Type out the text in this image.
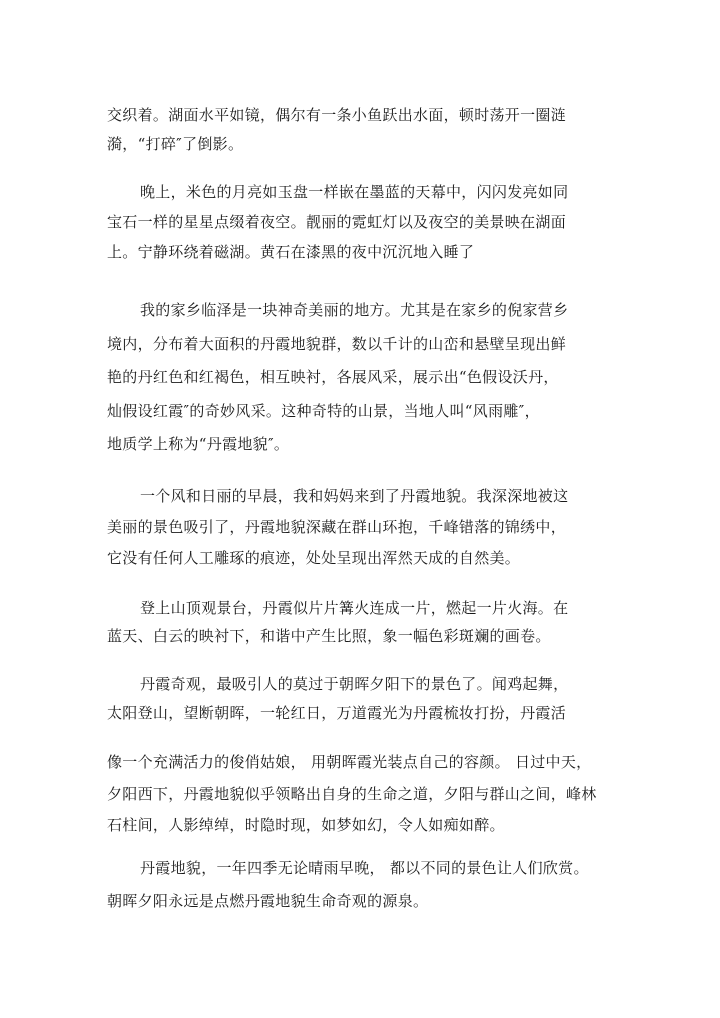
交织着。湖面水平如镜，偶尔有一条小鱼跃出水面，顿时荡开一圈涟
漪，“打碎″了倒影。
晚上，米色的月亮如玉盘一样嵌在墨蓝的天幕中，闪闪发亮如同
宝石一样的星星点缀着夜空。靓丽的霓虹灯以及夜空的美景映在湖面
上。宁静环绕着磁湖。黄石在漆黑的夜中沉沉地入睡了
我的家乡临泽是一块神奇美丽的地方。尤其是在家乡的倪家营乡
境内，分布着大面积的丹霞地貌群，数以千计的山峦和悬壁呈现出鲜
艳的丹红色和红褐色，相互映衬，各展风采，展示出“色假设沃丹，
灿假设红霞″的奇妙风采。这种奇特的山景，当地人叫“风雨雕″，
地质学上称为“丹霞地貌″。
一个风和日丽的早晨，我和妈妈来到了丹霞地貌。我深深地被这
美丽的景色吸引了，丹霞地貌深藏在群山环抱，千峰错落的锦绣中，
它没有任何人工雕琢的痕迹，处处呈现出浑然天成的自然美。
登上山顶观景台，丹霞似片片篝火连成一片，燃起一片火海。在
蓝天、白云的映衬下，和谐中产生比照，象一幅色彩斑斓的画卷。
丹霞奇观，最吸引人的莫过于朝晖夕阳下的景色了。闻鸡起舞，
太阳登山，望断朝晖，一轮红日，万道霞光为丹霞梳妆打扮，丹霞活
像一个充满活力的俊俏姑娘， 用朝晖霞光装点自己的容颜。 日过中天，
夕阳西下，丹霞地貌似乎领略出自身的生命之道，夕阳与群山之间，峰林
石柱间，人影绰绰，时隐时现，如梦如幻，令人如痴如醉。
丹霞地貌，一年四季无论晴雨早晚， 都以不同的景色让人们欣赏。
朝晖夕阳永远是点燃丹霞地貌生命奇观的源泉。
